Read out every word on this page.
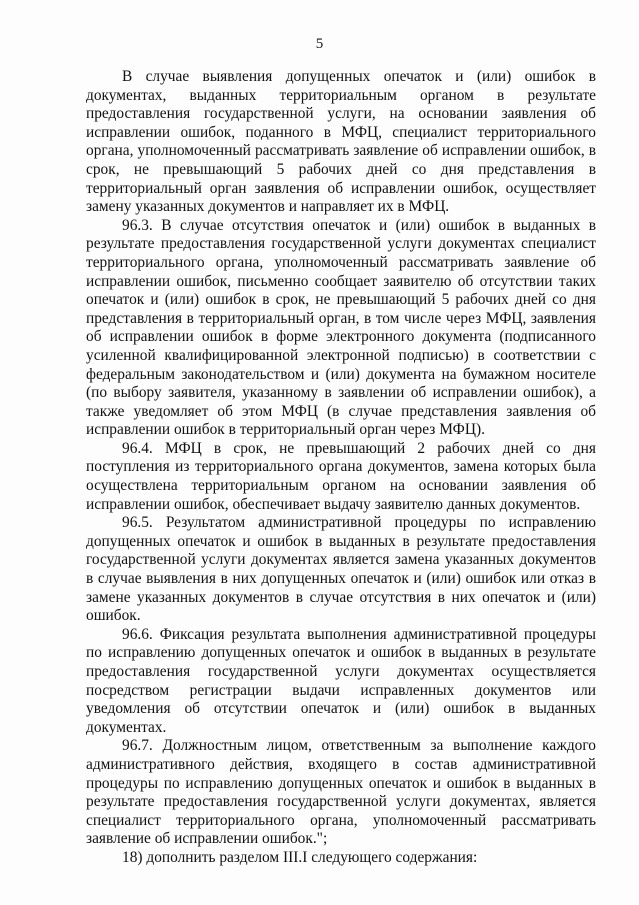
5

В случае выявления допущенных опечаток и (или) ошибок в документах, выданных территориальным органом в результате предоставления государственной услуги, на основании заявления об исправлении ошибок, поданного в МФЦ, специалист территориального органа, уполномоченный рассматривать заявление об исправлении ошибок, в срок, не превышающий 5 рабочих дней со дня представления в территориальный орган заявления об исправлении ошибок, осуществляет замену указанных документов и направляет их в МФЦ.

96.3. В случае отсутствия опечаток и (или) ошибок в выданных в результате предоставления государственной услуги документах специалист территориального органа, уполномоченный рассматривать заявление об исправлении ошибок, письменно сообщает заявителю об отсутствии таких опечаток и (или) ошибок в срок, не превышающий 5 рабочих дней со дня представления в территориальный орган, в том числе через МФЦ, заявления об исправлении ошибок в форме электронного документа (подписанного усиленной квалифицированной электронной подписью) в соответствии с федеральным законодательством и (или) документа на бумажном носителе (по выбору заявителя, указанному в заявлении об исправлении ошибок), а также уведомляет об этом МФЦ (в случае представления заявления об исправлении ошибок в территориальный орган через МФЦ).

96.4. МФЦ в срок, не превышающий 2 рабочих дней со дня поступления из территориального органа документов, замена которых была осуществлена территориальным органом на основании заявления об исправлении ошибок, обеспечивает выдачу заявителю данных документов.

96.5. Результатом административной процедуры по исправлению допущенных опечаток и ошибок в выданных в результате предоставления государственной услуги документах является замена указанных документов в случае выявления в них допущенных опечаток и (или) ошибок или отказ в замене указанных документов в случае отсутствия в них опечаток и (или) ошибок.

96.6. Фиксация результата выполнения административной процедуры по исправлению допущенных опечаток и ошибок в выданных в результате предоставления государственной услуги документах осуществляется посредством регистрации выдачи исправленных документов или уведомления об отсутствии опечаток и (или) ошибок в выданных документах.

96.7. Должностным лицом, ответственным за выполнение каждого административного действия, входящего в состав административной процедуры по исправлению допущенных опечаток и ошибок в выданных в результате предоставления государственной услуги документах, является специалист территориального органа, уполномоченный рассматривать заявление об исправлении ошибок.";

18) дополнить разделом III.I следующего содержания:
